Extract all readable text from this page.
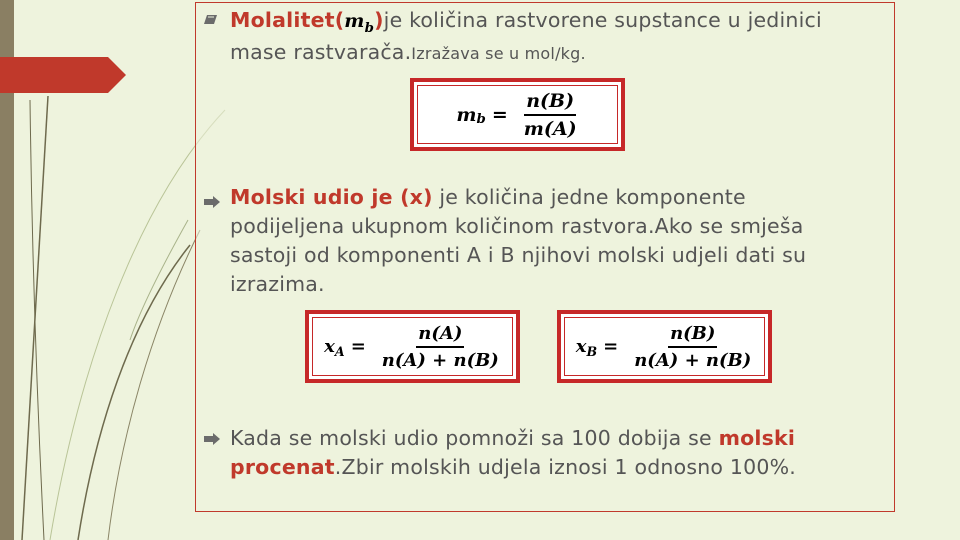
$Molalitet(m_b)je$ količina rastvorene supstance u jedinici
mase rastvarača.Izražava se u mol/kg.
m $b = \frac{n(B)}{m(A)}$
Molski udio je (x) je količina jedne komponente
podijeljena ukupnom količinom rastvora.Ako se smješa
sastoji od komponenti A i B njihovi molski udjeli dati su
izrazima.
x $A = \frac{n(A)}{n(A) + n(B)}$	x $B = \frac{n(B)}{n(A) + n(B)}$
Kada se molski udio pomnoži sa 100 dobija se molski
procenat.Zbir molskih udjela iznosi 1 odnosno 100%.
